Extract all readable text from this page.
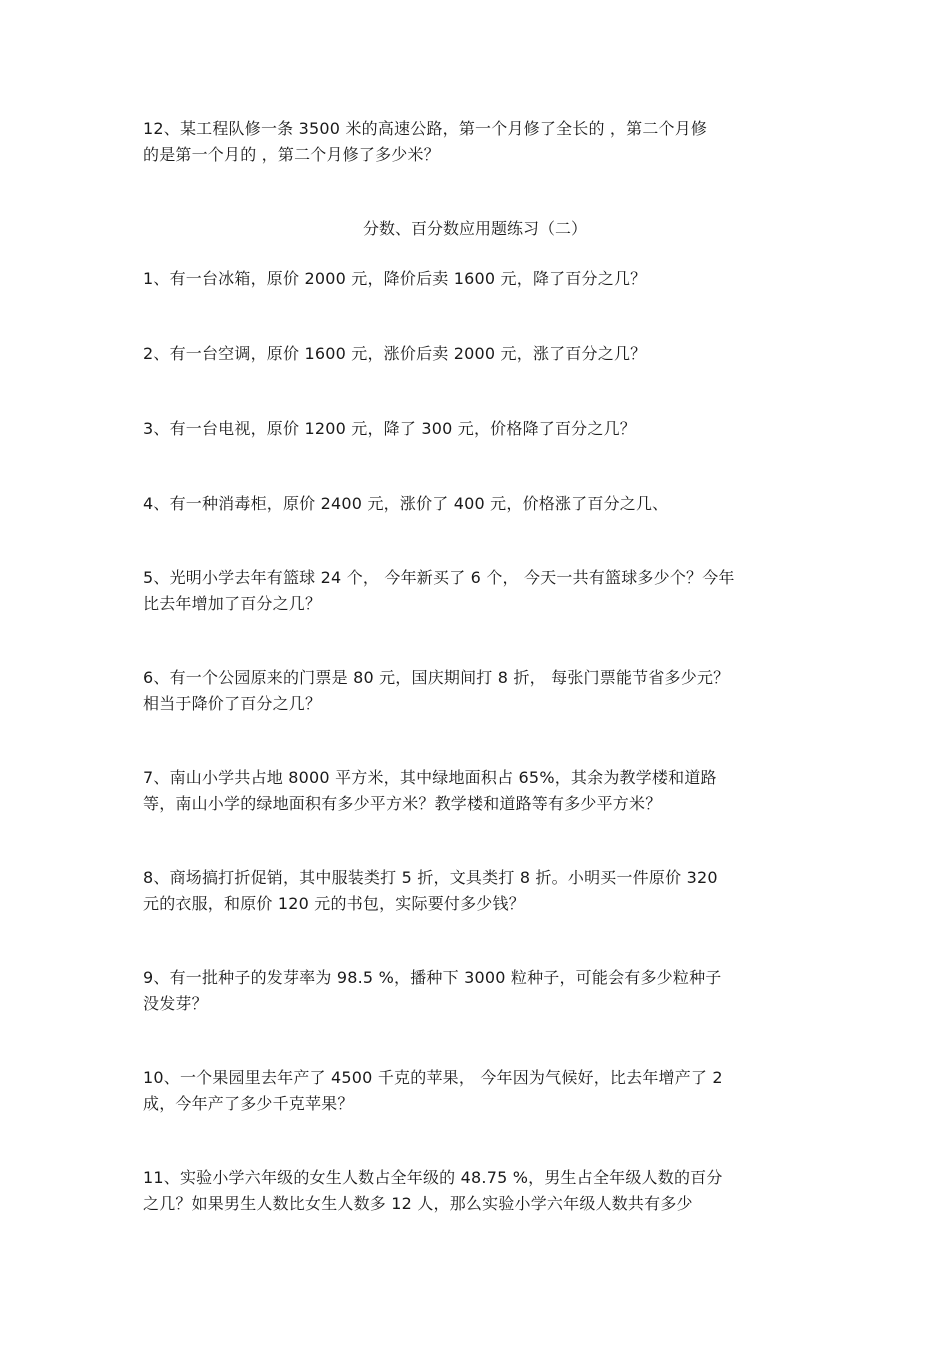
12、某工程队修一条 3500 米的高速公路，第一个月修了全长的 ，第二个月修
的是第一个月的 ，第二个月修了多少米？
分数、百分数应用题练习（二）
1、有一台冰箱，原价 2000 元，降价后卖 1600 元，降了百分之几？
2、有一台空调，原价 1600 元，涨价后卖 2000 元，涨了百分之几？
3、有一台电视，原价 1200 元，降了 300 元，价格降了百分之几？
4、有一种消毒柜，原价 2400 元，涨价了 400 元，价格涨了百分之几、
5、光明小学去年有篮球 24 个， 今年新买了 6 个， 今天一共有篮球多少个？今年
比去年增加了百分之几？
6、有一个公园原来的门票是 80 元，国庆期间打 8 折， 每张门票能节省多少元？
相当于降价了百分之几？
7、南山小学共占地 8000 平方米，其中绿地面积占 65%，其余为教学楼和道路
等，南山小学的绿地面积有多少平方米？教学楼和道路等有多少平方米？
8、商场搞打折促销，其中服装类打 5 折，文具类打 8 折。小明买一件原价 320
元的衣服，和原价 120 元的书包，实际要付多少钱？
9、有一批种子的发芽率为 98.5 %，播种下 3000 粒种子，可能会有多少粒种子
没发芽？
10、一个果园里去年产了 4500 千克的苹果， 今年因为气候好，比去年增产了 2
成，今年产了多少千克苹果？
11、实验小学六年级的女生人数占全年级的 48.75 %，男生占全年级人数的百分
之几？如果男生人数比女生人数多 12 人，那么实验小学六年级人数共有多少
